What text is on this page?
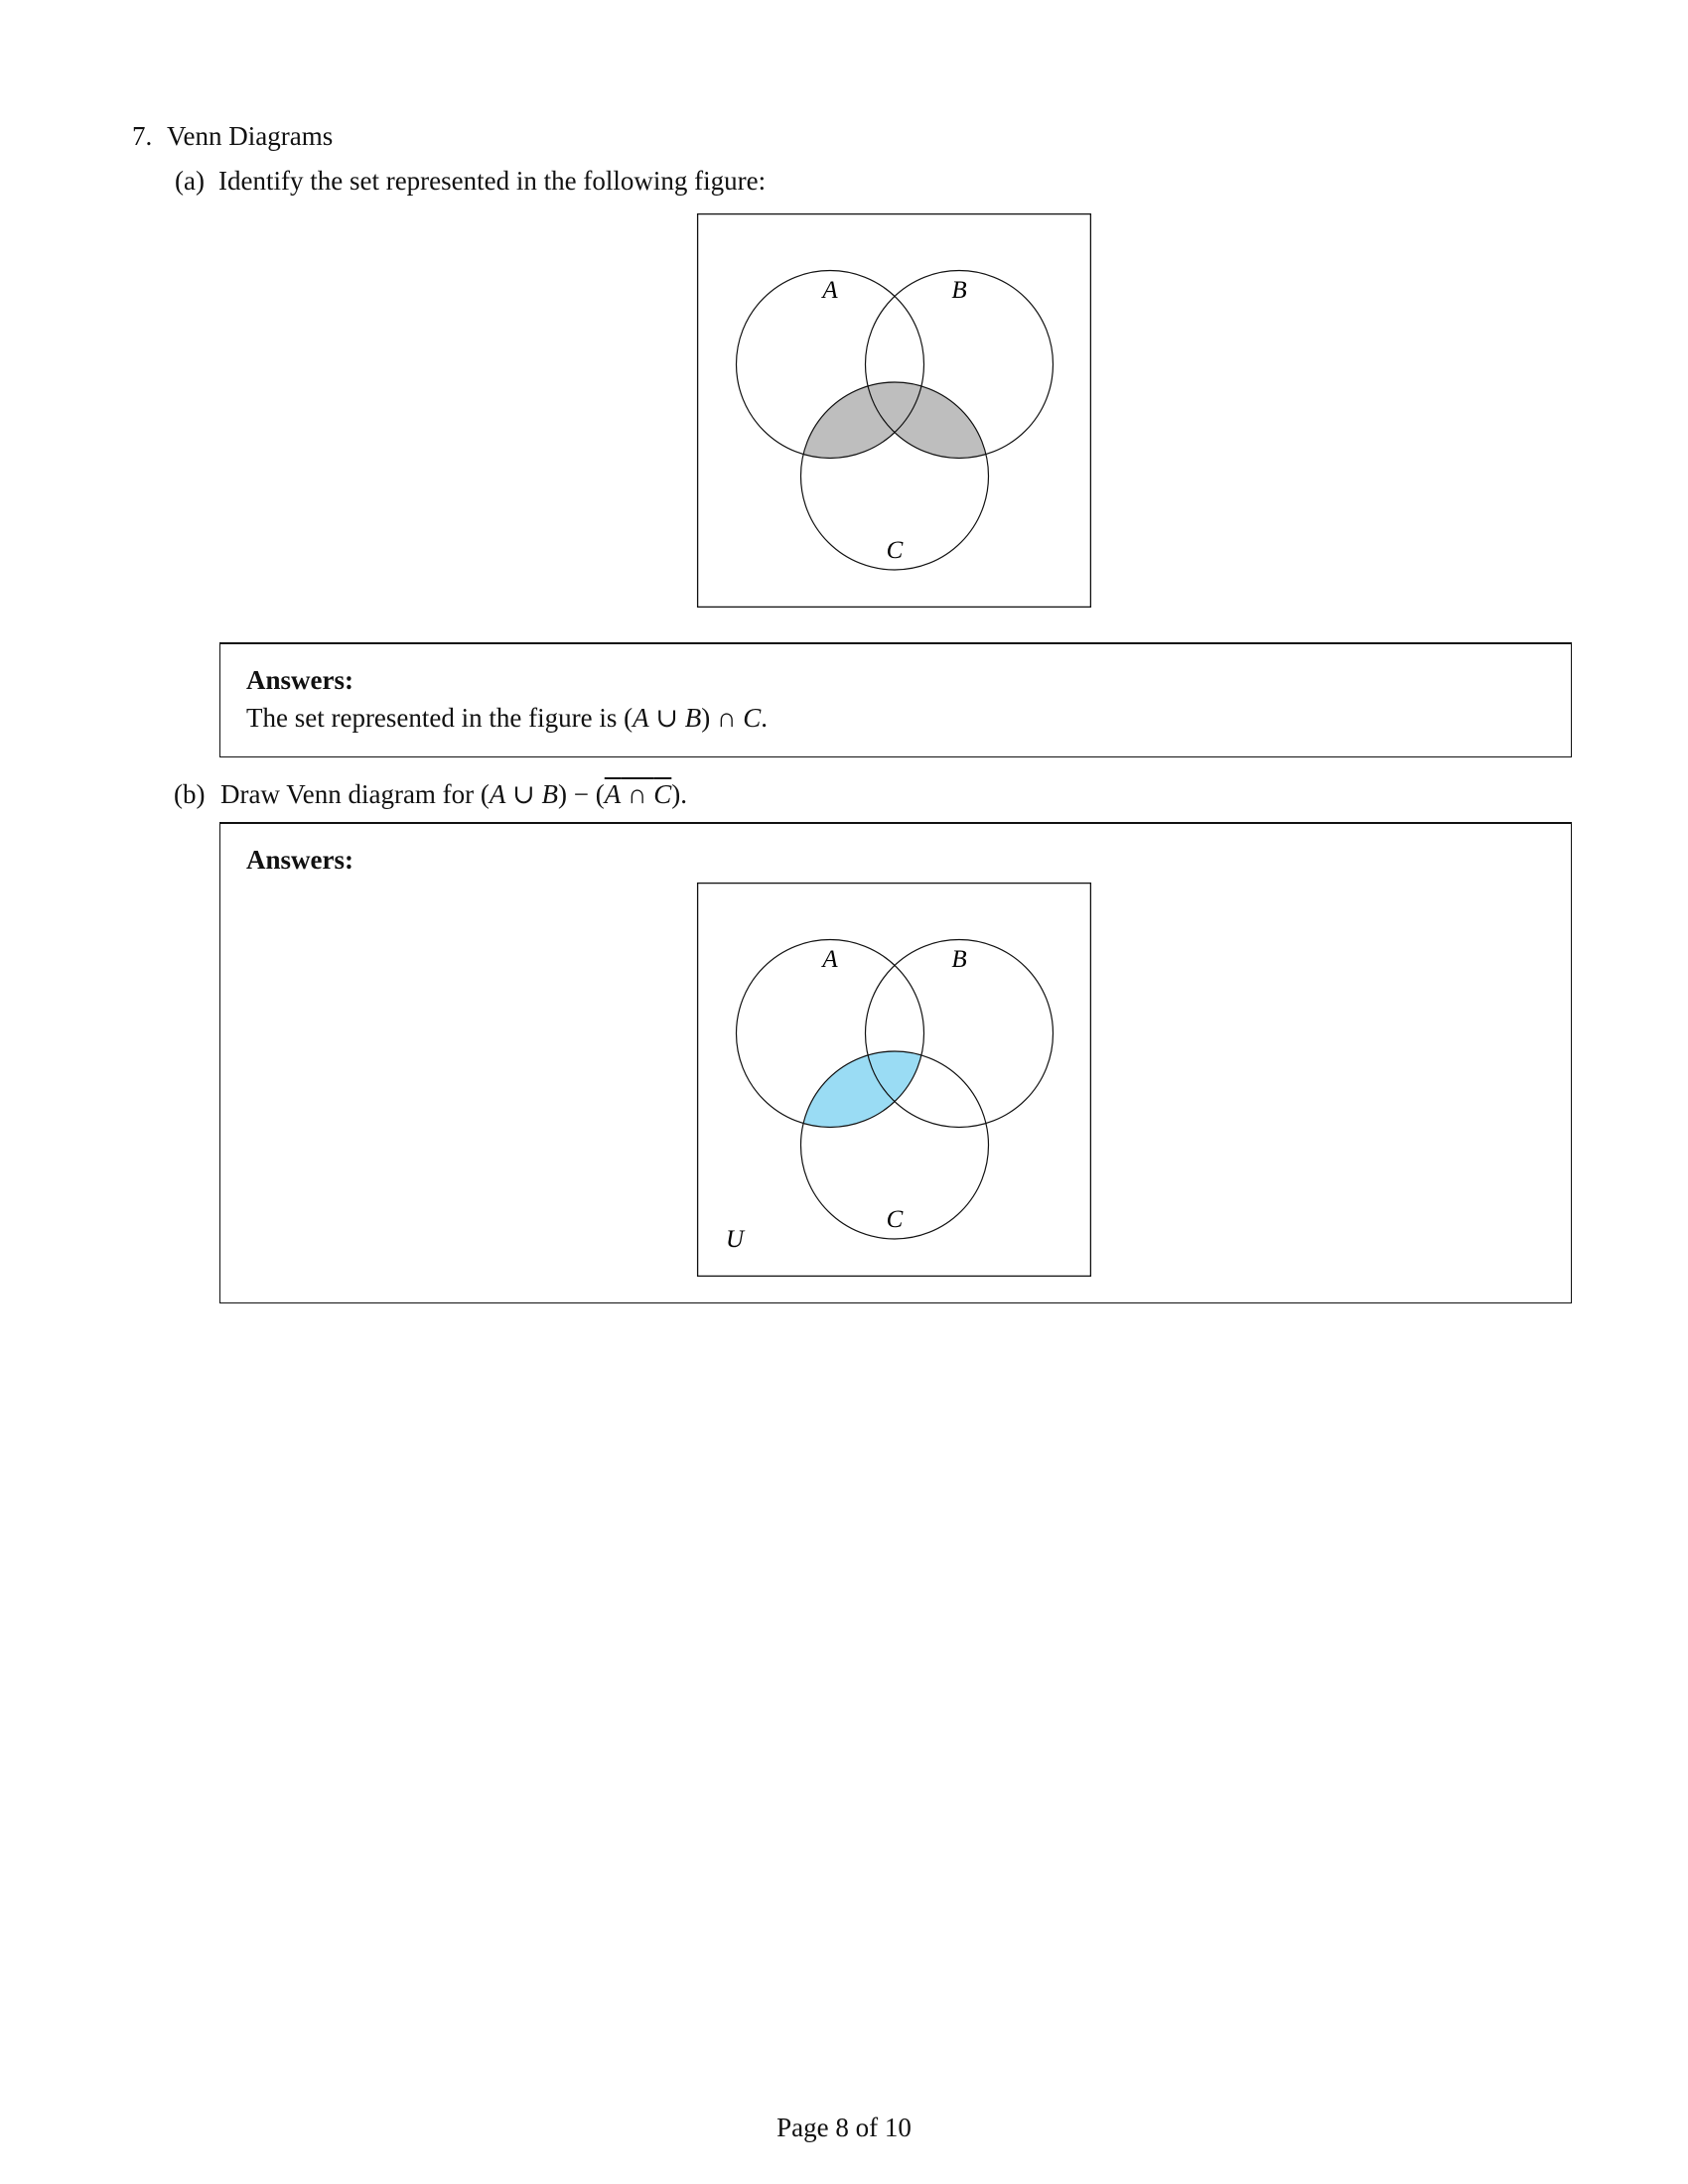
7. Venn Diagrams
(a) Identify the set represented in the following figure:
A	B
C
Answers:
The set represented in the figure is (A ∪ B) ∩ C.
(b) Draw Venn diagram for (A ∪ B) − (A ∩ C).
Answers:
A	B
C
U
Page 8 of 10
